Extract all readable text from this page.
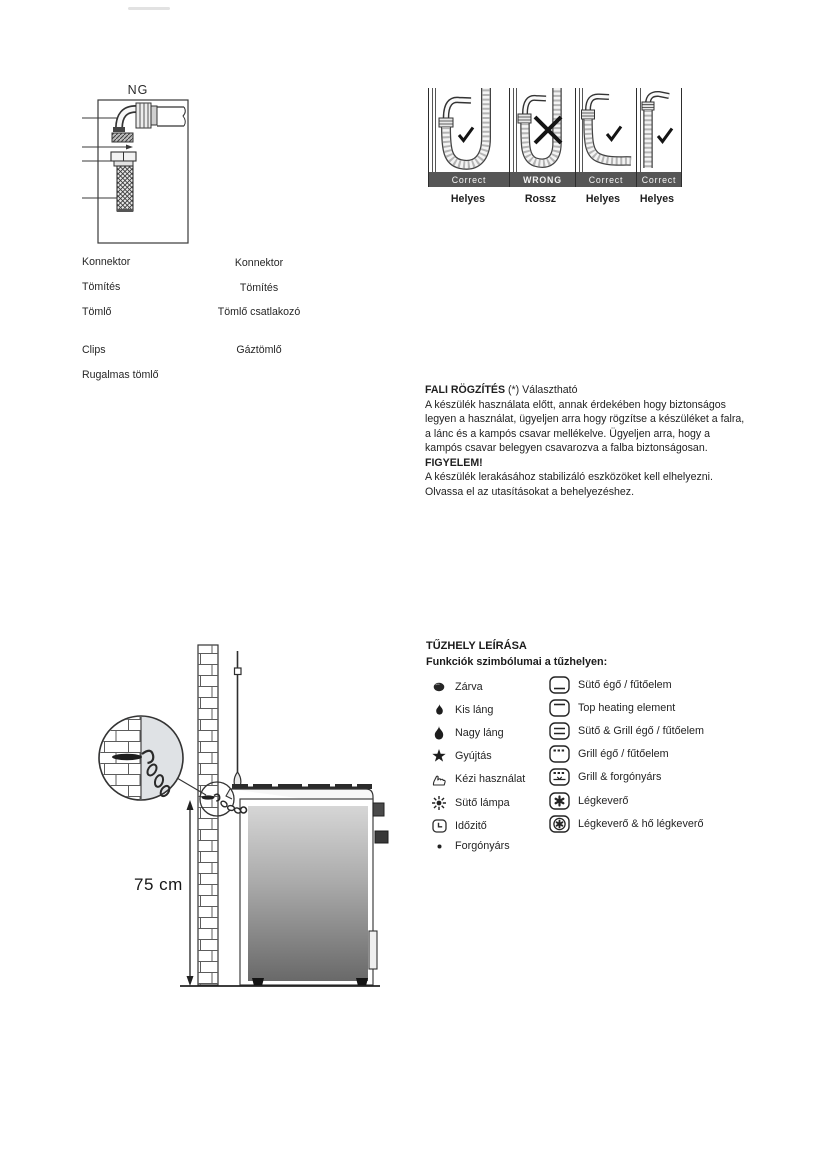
NG
Konnektor
Tömítés
Tömlő
Clips
Rugalmas tömlő
Konnektor
Tömítés
Tömlő csatlakozó
Gáztömlő
Correct	WRONG	Correct	Correct
Helyes	Rossz	Helyes	Helyes

FALI RÖGZÍTÉS (*) Választható

A készülék használata előtt, annak érdekében hogy biztonságos legyen a használat, ügyeljen arra hogy rögzítse a készüléket a falra, a lánc és a kampós csavar mellékelve. Ügyeljen arra, hogy a kampós csavar belegyen csavarozva a falba biztonságosan.

FIGYELEM!

A készülék lerakásához stabilizáló eszközöket kell elhelyezni.

Olvassa el az utasításokat a behelyezéshez.

75 cm
TŰZHELY LEÍRÁSA
Funkciók szimbólumai a tűzhelyen:
Zárva
Kis láng
Nagy láng
Gyújtás
Kézi használat
Sütő lámpa
Időzitő
Forgónyárs
Sütő égő / fűtőelem
Top heating element
Sütő & Grill égő / fűtőelem
Grill égő / fűtőelem
Grill & forgónyárs
Légkeverő
Légkeverő & hő légkeverő
